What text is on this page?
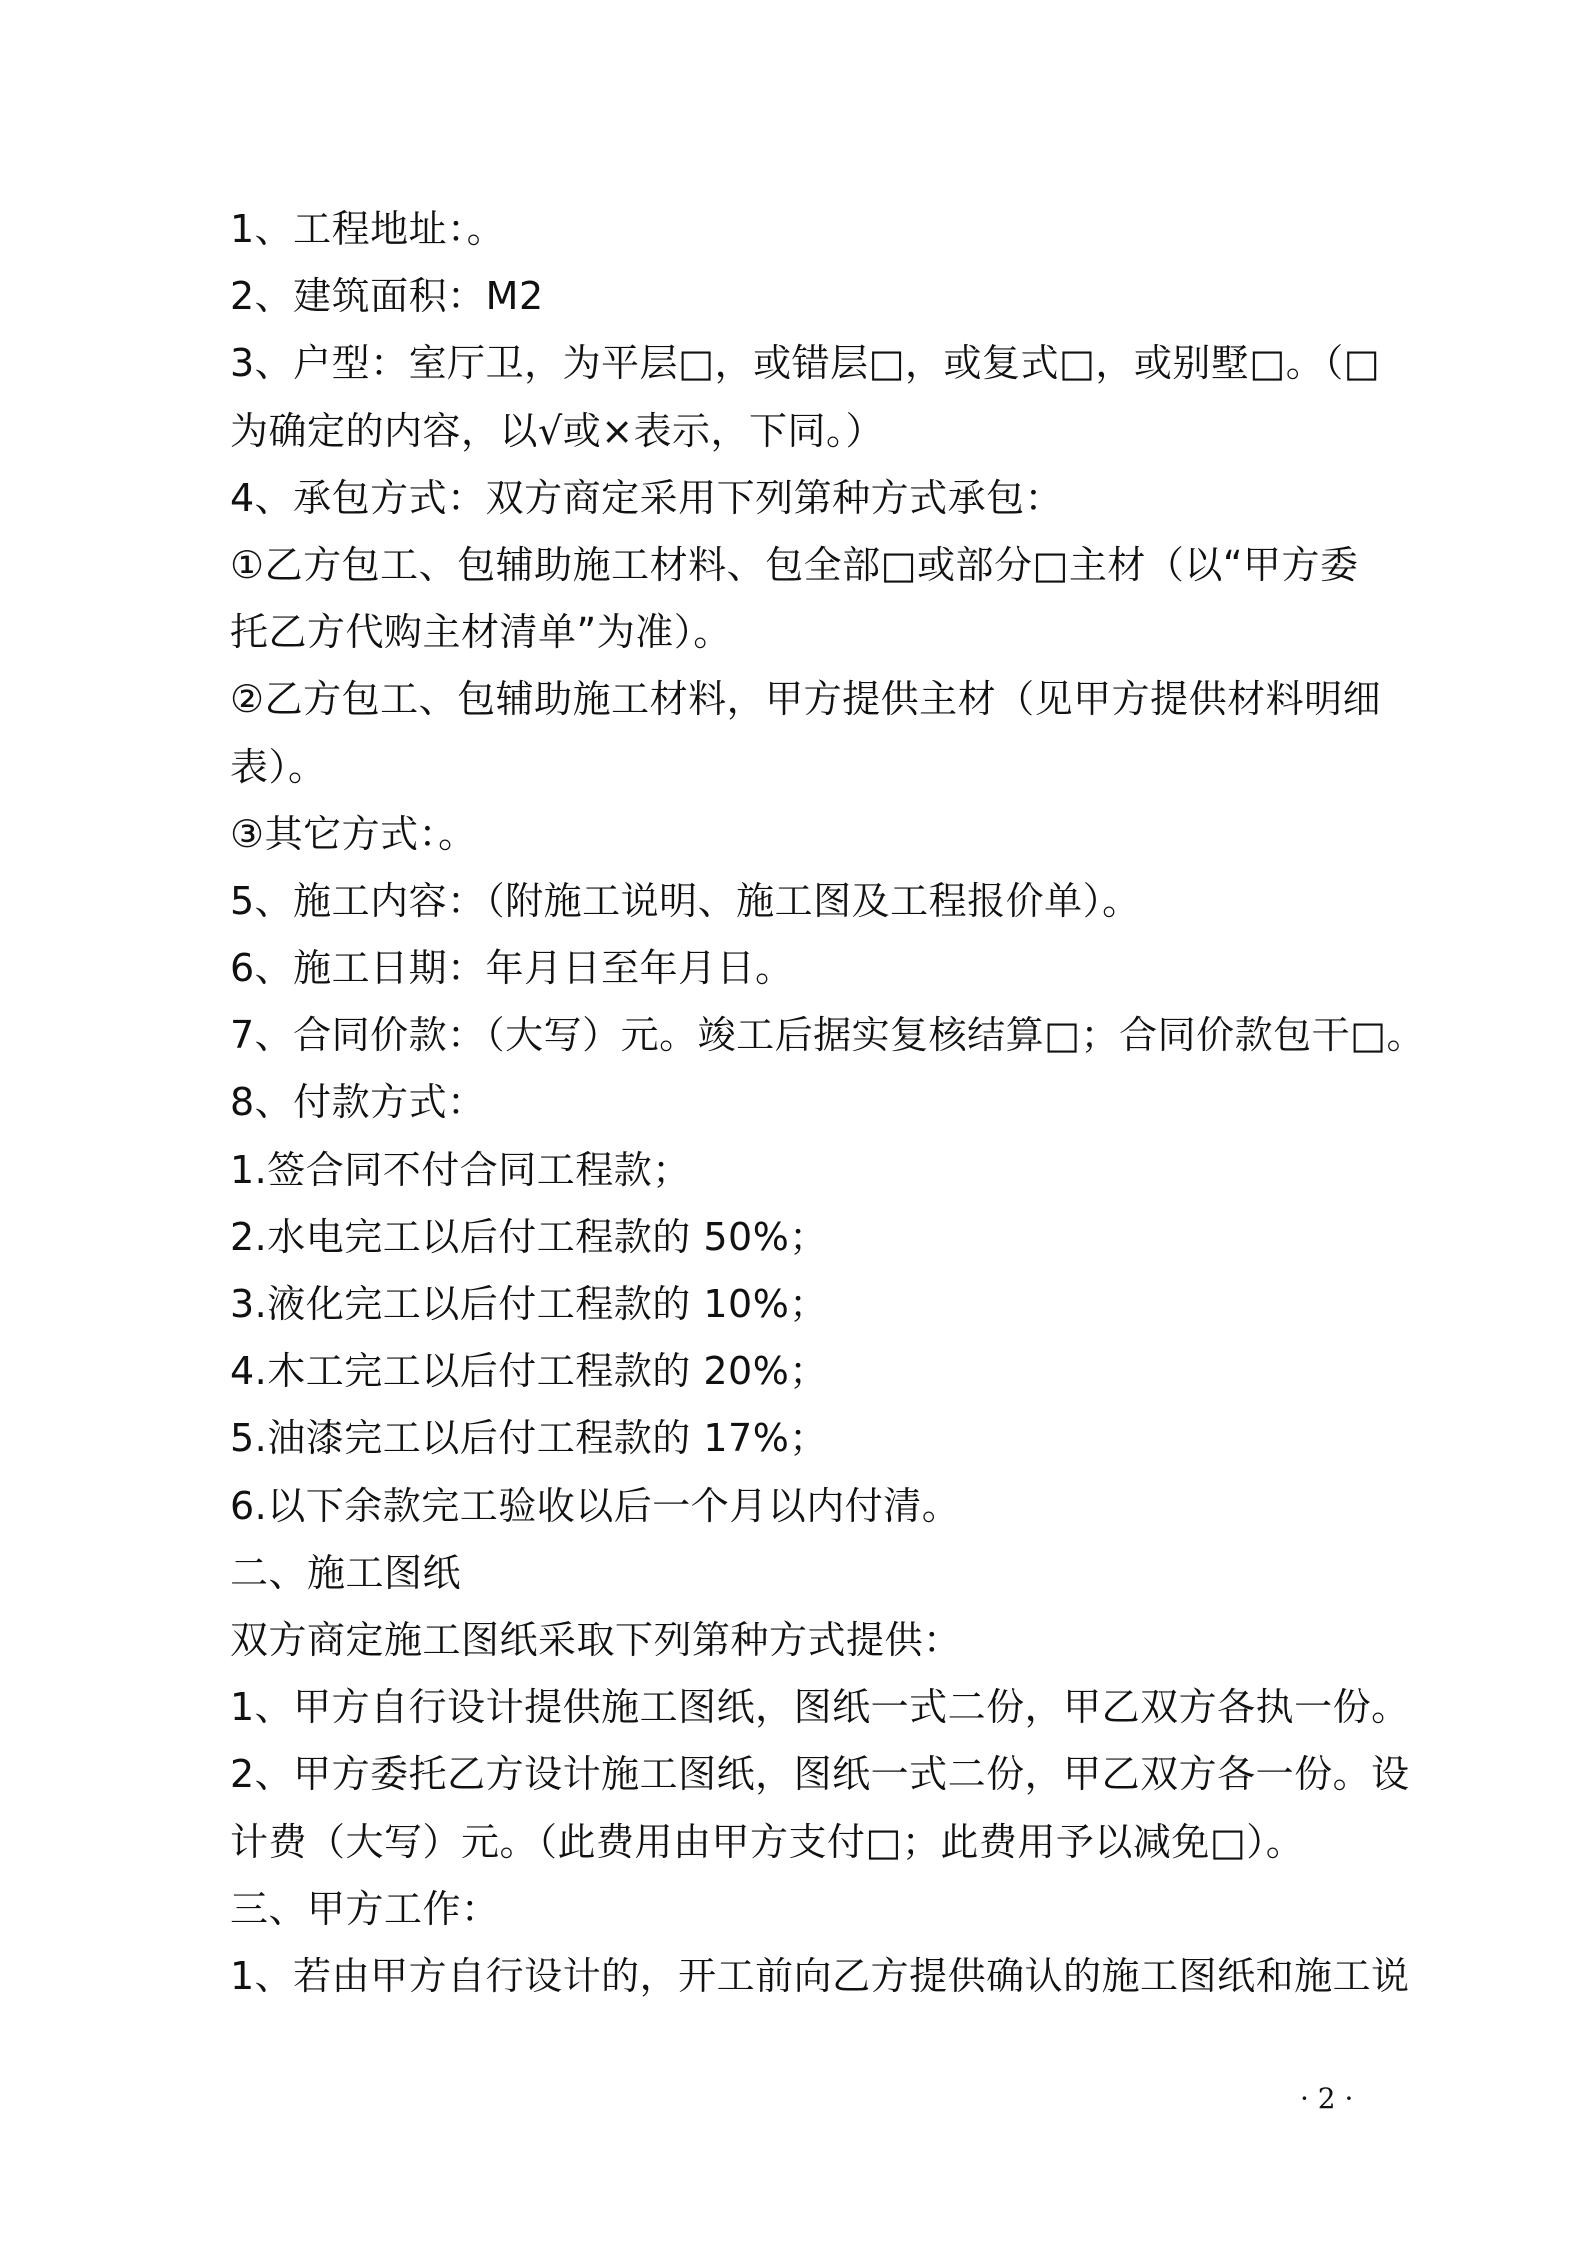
1、工程地址：。
2、建筑面积：M2
3、户型：室厅卫，为平层□，或错层□，或复式□，或别墅□。（□
为确定的内容，以√或×表示，下同。）
4、承包方式：双方商定采用下列第种方式承包：
①乙方包工、包辅助施工材料、包全部□或部分□主材（以“甲方委
托乙方代购主材清单”为准）。
②乙方包工、包辅助施工材料，甲方提供主材（见甲方提供材料明细
表）。
③其它方式：。
5、施工内容：（附施工说明、施工图及工程报价单）。
6、施工日期：年月日至年月日。
7、合同价款：（大写）元。竣工后据实复核结算□；合同价款包干□。
8、付款方式：
1.签合同不付合同工程款；
2.水电完工以后付工程款的 50%；
3.液化完工以后付工程款的 10%；
4.木工完工以后付工程款的 20%；
5.油漆完工以后付工程款的 17%；
6.以下余款完工验收以后一个月以内付清。
二、施工图纸
双方商定施工图纸采取下列第种方式提供：
1、甲方自行设计提供施工图纸，图纸一式二份，甲乙双方各执一份。
2、甲方委托乙方设计施工图纸，图纸一式二份，甲乙双方各一份。设
计费（大写）元。（此费用由甲方支付□；此费用予以减免□）。
三、甲方工作：
1、若由甲方自行设计的，开工前向乙方提供确认的施工图纸和施工说
· 2 ·
